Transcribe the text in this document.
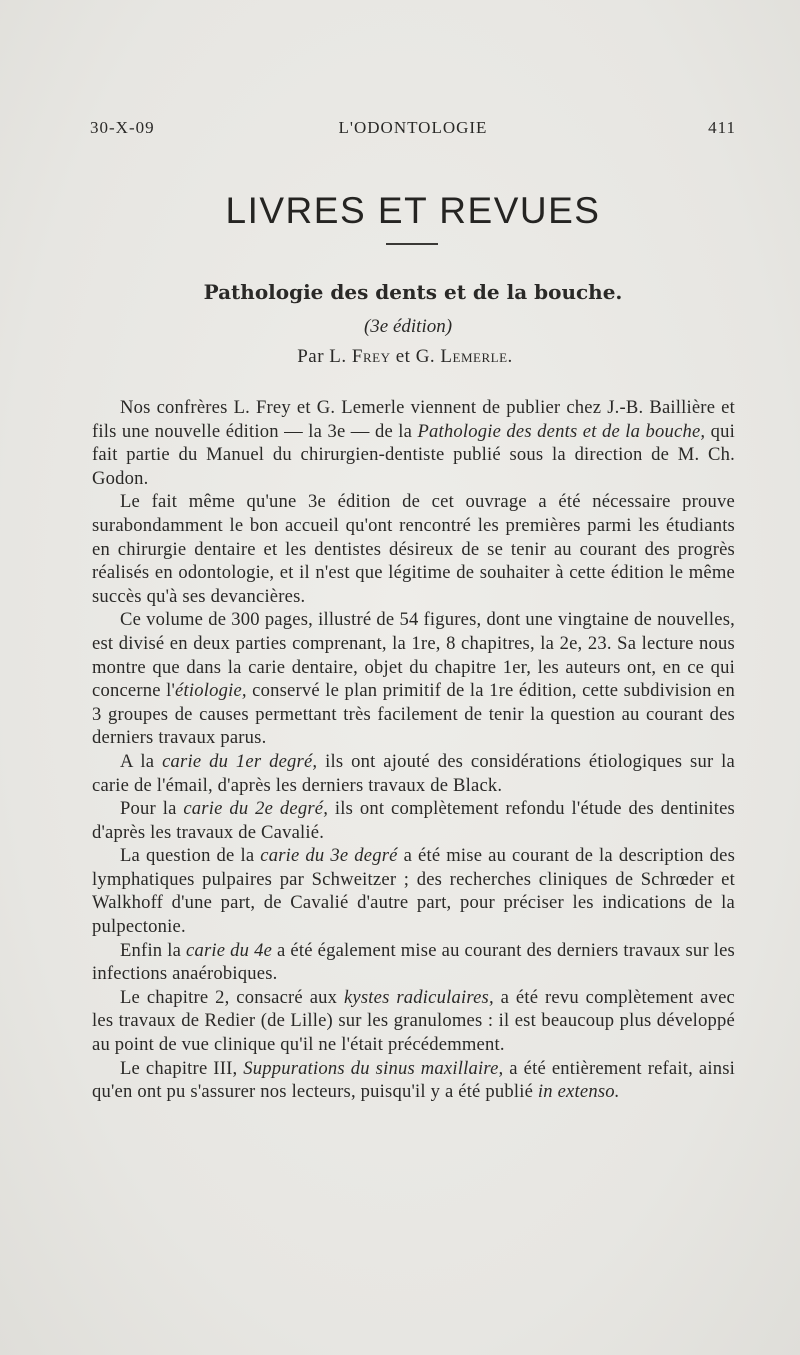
30-X-09	L'ODONTOLOGIE	411
LIVRES ET REVUES
Pathologie des dents et de la bouche.
(3e édition)
Par L. Frey et G. Lemerle.

Nos confrères L. Frey et G. Lemerle viennent de publier chez J.-B. Baillière et fils une nouvelle édition — la 3e — de la Pathologie des dents et de la bouche, qui fait partie du Manuel du chirurgien-dentiste publié sous la direction de M. Ch. Godon.

Le fait même qu'une 3e édition de cet ouvrage a été nécessaire prouve surabondamment le bon accueil qu'ont rencontré les premières parmi les étudiants en chirurgie dentaire et les dentistes désireux de se tenir au courant des progrès réalisés en odontologie, et il n'est que légitime de souhaiter à cette édition le même succès qu'à ses devancières.

Ce volume de 300 pages, illustré de 54 figures, dont une vingtaine de nouvelles, est divisé en deux parties comprenant, la 1re, 8 chapitres, la 2e, 23. Sa lecture nous montre que dans la carie dentaire, objet du chapitre 1er, les auteurs ont, en ce qui concerne l'étiologie, conservé le plan primitif de la 1re édition, cette subdivision en 3 groupes de causes permettant très facilement de tenir la question au courant des derniers travaux parus.

A la carie du 1er degré, ils ont ajouté des considérations étiologiques sur la carie de l'émail, d'après les derniers travaux de Black.

Pour la carie du 2e degré, ils ont complètement refondu l'étude des dentinites d'après les travaux de Cavalié.

La question de la carie du 3e degré a été mise au courant de la description des lymphatiques pulpaires par Schweitzer ; des recherches cliniques de Schrœder et Walkhoff d'une part, de Cavalié d'autre part, pour préciser les indications de la pulpectonie.

Enfin la carie du 4e a été également mise au courant des derniers travaux sur les infections anaérobiques.

Le chapitre 2, consacré aux kystes radiculaires, a été revu complètement avec les travaux de Redier (de Lille) sur les granulomes : il est beaucoup plus développé au point de vue clinique qu'il ne l'était précédemment.

Le chapitre III, Suppurations du sinus maxillaire, a été entièrement refait, ainsi qu'en ont pu s'assurer nos lecteurs, puisqu'il y a été publié in extenso.
